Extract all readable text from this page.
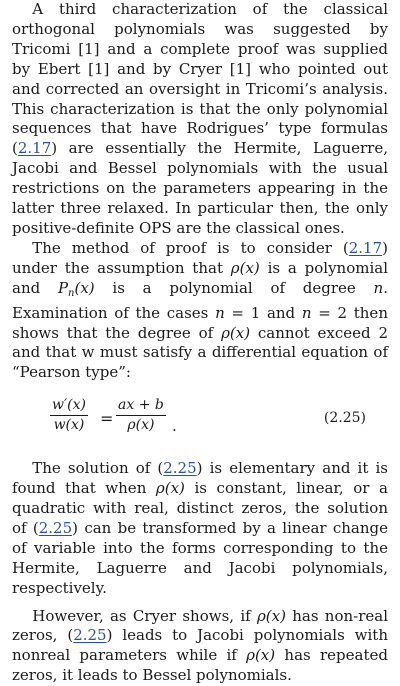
A third characterization of the classical orthogonal polynomials was suggested by Tricomi [1] and a complete proof was supplied by Ebert [1] and by Cryer [1] who pointed out and corrected an oversight in Tricomi’s analysis. This characterization is that the only polynomial sequences that have Rodrigues’ type formulas (2.17) are essentially the Hermite, Laguerre, Jacobi and Bessel polynomials with the usual restrictions on the parameters appearing in the latter three relaxed. In particular then, the only positive-definite OPS are the classical ones.

The method of proof is to consider (2.17) under the assumption that ρ(x) is a polynomial and $P_n(x)$ is a polynomial of degree n. Examination of the cases n = 1 and n = 2 then shows that the degree of ρ(x) cannot exceed 2 and that w must satisfy a differential equation of “Pearson type”:

w′(x)
w(x) =
ax + b
ρ(x) .	(2.25)

The solution of (2.25) is elementary and it is found that when ρ(x) is constant, linear, or a quadratic with real, distinct zeros, the solution of (2.25) can be transformed by a linear change of variable into the forms corresponding to the Hermite, Laguerre and Jacobi polynomials, respectively.

However, as Cryer shows, if ρ(x) has non-real zeros, (2.25) leads to Jacobi polynomials with nonreal parameters while if ρ(x) has repeated zeros, it leads to Bessel polynomials.
